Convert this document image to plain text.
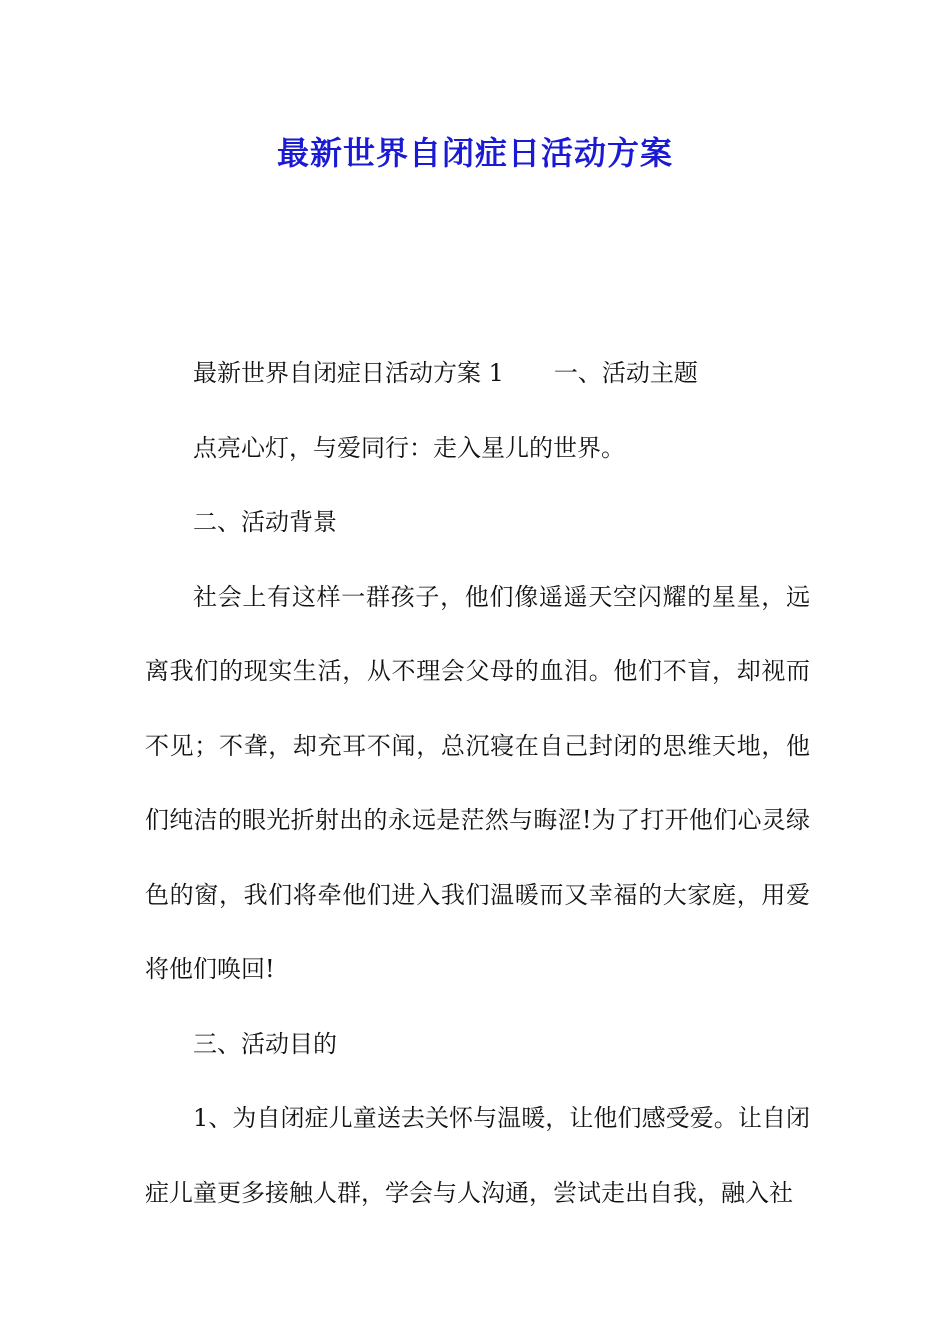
最新世界自闭症日活动方案

最新世界自闭症日活动方案 1 一、活动主题

点亮心灯，与爱同行：走入星儿的世界。

二、活动背景

社会上有这样一群孩子，他们像遥遥天空闪耀的星星，远离我们的现实生活，从不理会父母的血泪。他们不盲，却视而不见；不聋，却充耳不闻，总沉寝在自己封闭的思维天地，他们纯洁的眼光折射出的永远是茫然与晦涩!为了打开他们心灵绿色的窗，我们将牵他们进入我们温暖而又幸福的大家庭，用爱将他们唤回!

三、活动目的

1、为自闭症儿童送去关怀与温暖，让他们感受爱。让自闭症儿童更多接触人群，学会与人沟通，尝试走出自我，融入社
